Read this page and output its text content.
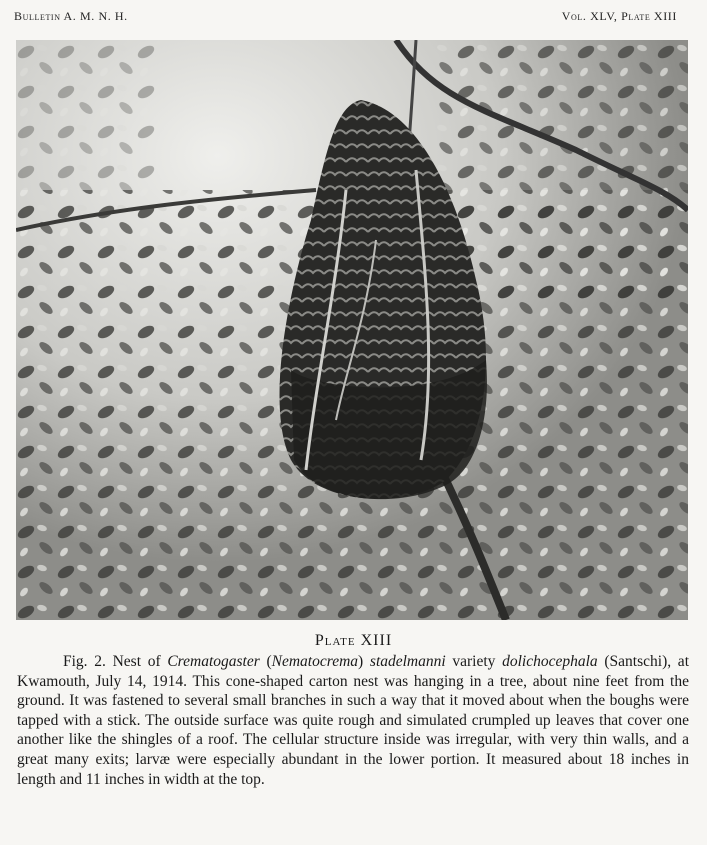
Bulletin A. M. N. H.	Vol. XLV, Plate XIII
Plate XIII

Fig. 2. Nest of Crematogaster (Nematocrema) stadelmanni variety dolichocephala (Santschi), at Kwamouth, July 14, 1914. This cone-shaped carton nest was hanging in a tree, about nine feet from the ground. It was fastened to several small branches in such a way that it moved about when the boughs were tapped with a stick. The outside surface was quite rough and simulated crumpled up leaves that cover one another like the shingles of a roof. The cellular structure inside was irregular, with very thin walls, and a great many exits; larvæ were especially abundant in the lower portion. It measured about 18 inches in length and 11 inches in width at the top.
